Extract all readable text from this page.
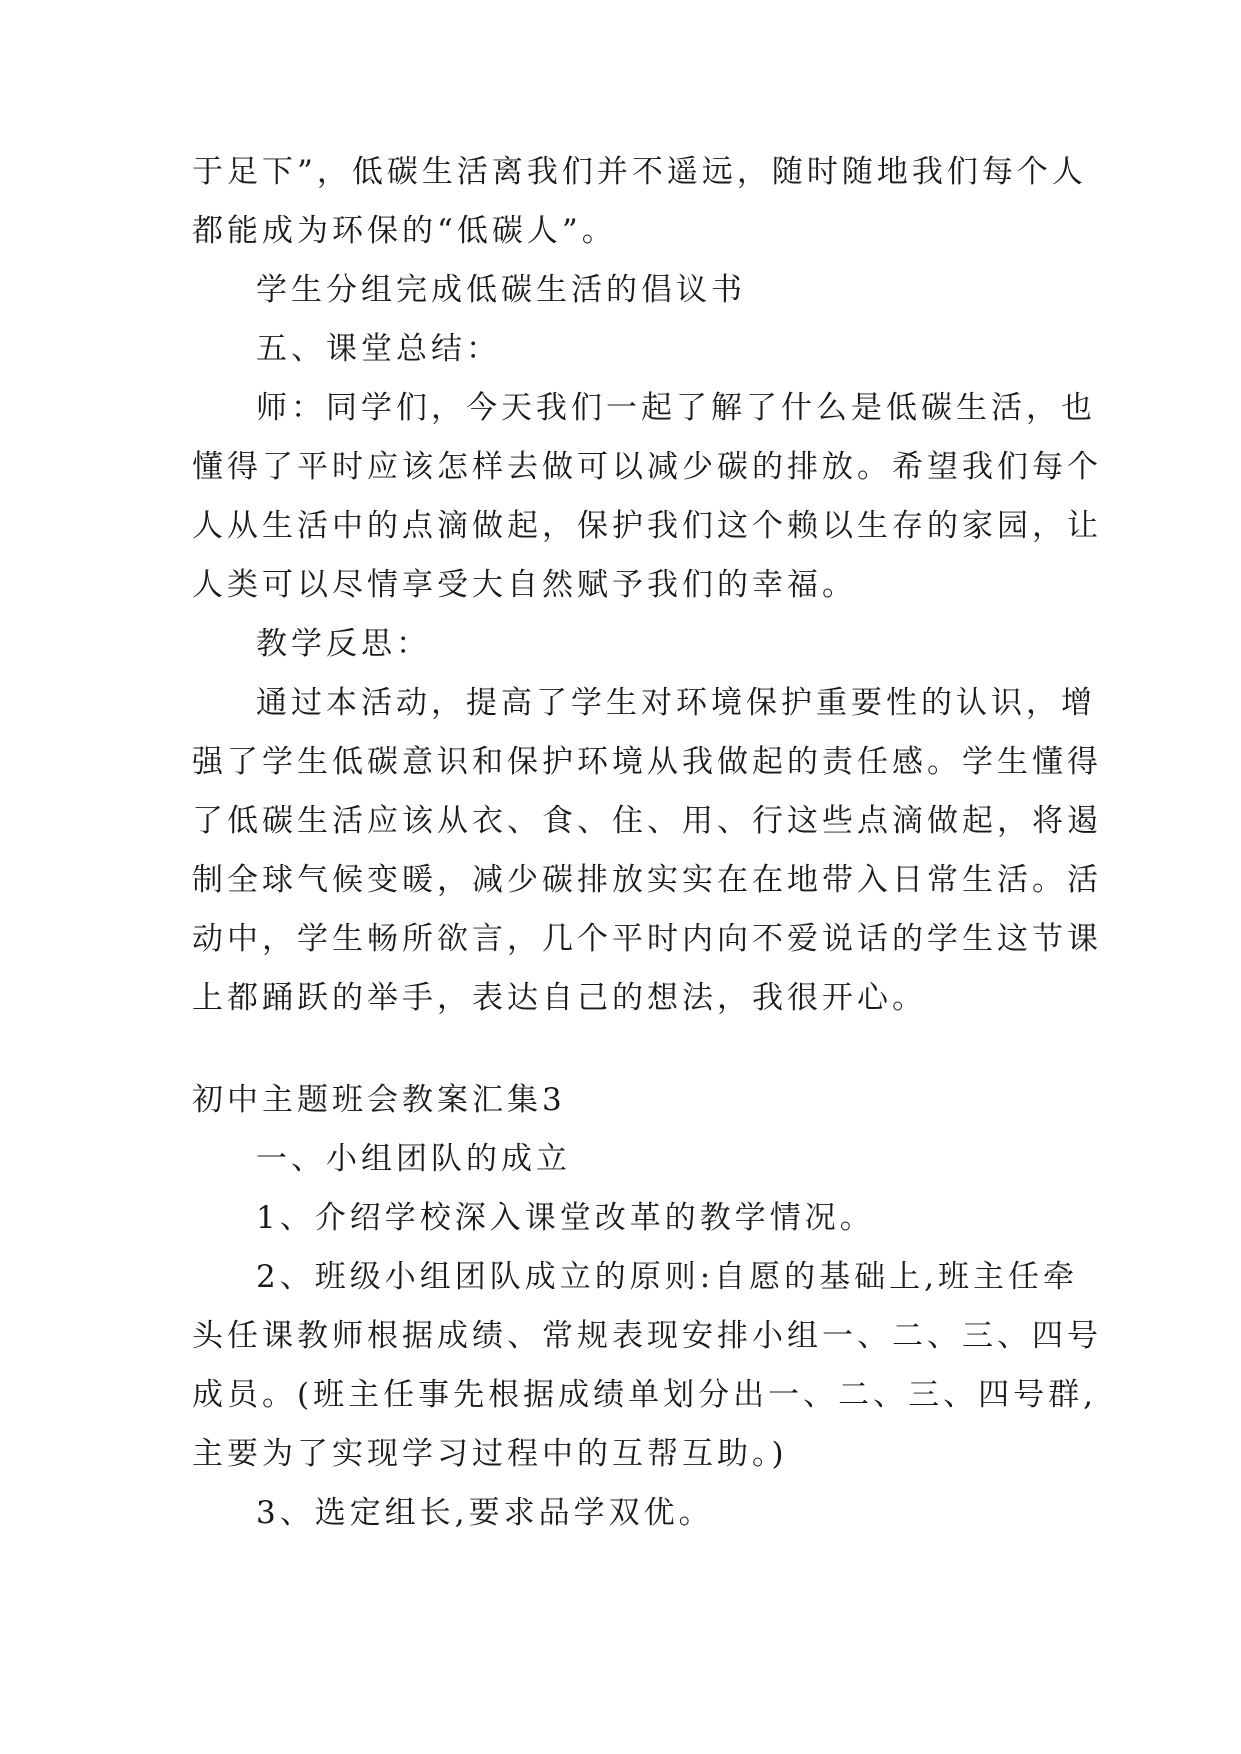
于足下”，低碳生活离我们并不遥远，随时随地我们每个人
都能成为环保的“低碳人”。
学生分组完成低碳生活的倡议书
五、课堂总结：
师：同学们，今天我们一起了解了什么是低碳生活，也
懂得了平时应该怎样去做可以减少碳的排放。希望我们每个
人从生活中的点滴做起，保护我们这个赖以生存的家园，让
人类可以尽情享受大自然赋予我们的幸福。
教学反思：
通过本活动，提高了学生对环境保护重要性的认识，增
强了学生低碳意识和保护环境从我做起的责任感。学生懂得
了低碳生活应该从衣、食、住、用、行这些点滴做起，将遏
制全球气候变暖，减少碳排放实实在在地带入日常生活。活
动中，学生畅所欲言，几个平时内向不爱说话的学生这节课
上都踊跃的举手，表达自己的想法，我很开心。
初中主题班会教案汇集3
一、小组团队的成立
1、介绍学校深入课堂改革的教学情况。
2、班级小组团队成立的原则:自愿的基础上,班主任牵
头任课教师根据成绩、常规表现安排小组一、二、三、四号
成员。(班主任事先根据成绩单划分出一、二、三、四号群,
主要为了实现学习过程中的互帮互助。)
3、选定组长,要求品学双优。
